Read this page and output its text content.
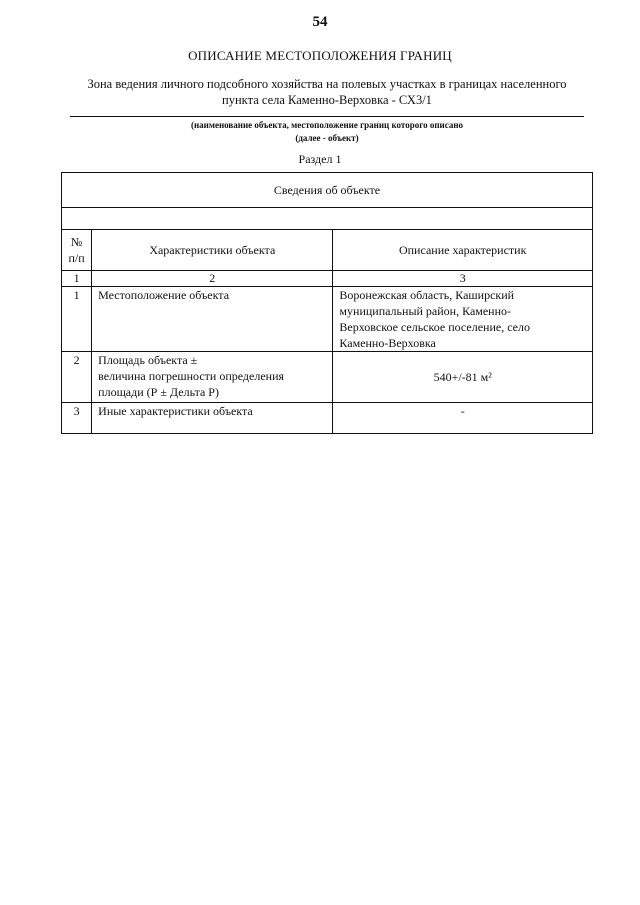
54
ОПИСАНИЕ МЕСТОПОЛОЖЕНИЯ ГРАНИЦ
Зона ведения личного подсобного хозяйства на полевых участках в границах населенного
пункта села Каменно-Верховка - СХ3/1
(наименование объекта, местоположение границ которого описано
(далее - объект)
Раздел 1
Сведения об объекте		

№
п/п	Характеристики объекта	Описание характеристик
1	2	3
1	Местоположение объекта	Воронежская область, Каширский
муниципальный район, Каменно-
Верховское сельское поселение, село
Каменно-Верховка

2	Площадь объекта ±
величина погрешности определения
площади (Р ± Дельта Р)	540+/-81 м²
3	Иные характеристики объекта	-
